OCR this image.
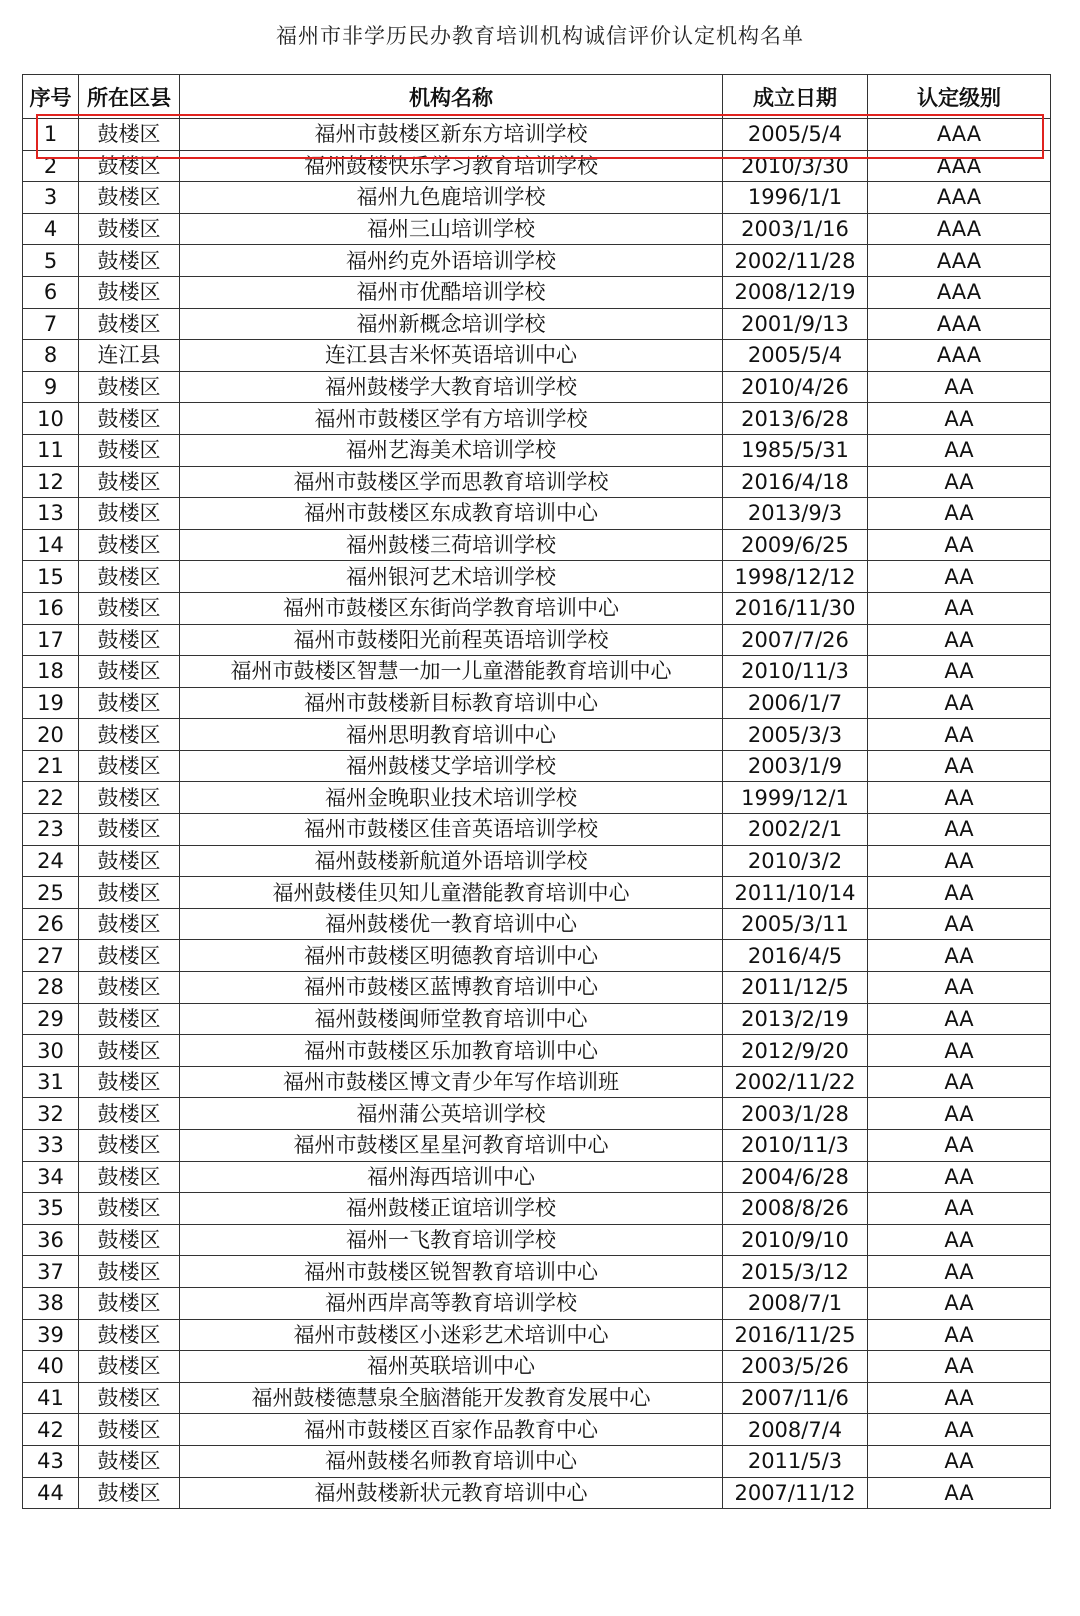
福州市非学历民办教育培训机构诚信评价认定机构名单
序号	所在区县	机构名称	成立日期	认定级别
1	鼓楼区	福州市鼓楼区新东方培训学校	2005/5/4	AAA
2	鼓楼区	福州鼓楼快乐学习教育培训学校	2010/3/30	AAA
3	鼓楼区	福州九色鹿培训学校	1996/1/1	AAA
4	鼓楼区	福州三山培训学校	2003/1/16	AAA
5	鼓楼区	福州约克外语培训学校	2002/11/28	AAA
6	鼓楼区	福州市优酷培训学校	2008/12/19	AAA
7	鼓楼区	福州新概念培训学校	2001/9/13	AAA
8	连江县	连江县吉米怀英语培训中心	2005/5/4	AAA
9	鼓楼区	福州鼓楼学大教育培训学校	2010/4/26	AA
10	鼓楼区	福州市鼓楼区学有方培训学校	2013/6/28	AA
11	鼓楼区	福州艺海美术培训学校	1985/5/31	AA
12	鼓楼区	福州市鼓楼区学而思教育培训学校	2016/4/18	AA
13	鼓楼区	福州市鼓楼区东成教育培训中心	2013/9/3	AA
14	鼓楼区	福州鼓楼三荷培训学校	2009/6/25	AA
15	鼓楼区	福州银河艺术培训学校	1998/12/12	AA
16	鼓楼区	福州市鼓楼区东街尚学教育培训中心	2016/11/30	AA
17	鼓楼区	福州市鼓楼阳光前程英语培训学校	2007/7/26	AA
18	鼓楼区	福州市鼓楼区智慧一加一儿童潜能教育培训中心	2010/11/3	AA
19	鼓楼区	福州市鼓楼新目标教育培训中心	2006/1/7	AA
20	鼓楼区	福州思明教育培训中心	2005/3/3	AA
21	鼓楼区	福州鼓楼艾学培训学校	2003/1/9	AA
22	鼓楼区	福州金晚职业技术培训学校	1999/12/1	AA
23	鼓楼区	福州市鼓楼区佳音英语培训学校	2002/2/1	AA
24	鼓楼区	福州鼓楼新航道外语培训学校	2010/3/2	AA
25	鼓楼区	福州鼓楼佳贝知儿童潜能教育培训中心	2011/10/14	AA
26	鼓楼区	福州鼓楼优一教育培训中心	2005/3/11	AA
27	鼓楼区	福州市鼓楼区明德教育培训中心	2016/4/5	AA
28	鼓楼区	福州市鼓楼区蓝博教育培训中心	2011/12/5	AA
29	鼓楼区	福州鼓楼闽师堂教育培训中心	2013/2/19	AA
30	鼓楼区	福州市鼓楼区乐加教育培训中心	2012/9/20	AA
31	鼓楼区	福州市鼓楼区博文青少年写作培训班	2002/11/22	AA
32	鼓楼区	福州蒲公英培训学校	2003/1/28	AA
33	鼓楼区	福州市鼓楼区星星河教育培训中心	2010/11/3	AA
34	鼓楼区	福州海西培训中心	2004/6/28	AA
35	鼓楼区	福州鼓楼正谊培训学校	2008/8/26	AA
36	鼓楼区	福州一飞教育培训学校	2010/9/10	AA
37	鼓楼区	福州市鼓楼区锐智教育培训中心	2015/3/12	AA
38	鼓楼区	福州西岸高等教育培训学校	2008/7/1	AA
39	鼓楼区	福州市鼓楼区小迷彩艺术培训中心	2016/11/25	AA
40	鼓楼区	福州英联培训中心	2003/5/26	AA
41	鼓楼区	福州鼓楼德慧泉全脑潜能开发教育发展中心	2007/11/6	AA
42	鼓楼区	福州市鼓楼区百家作品教育中心	2008/7/4	AA
43	鼓楼区	福州鼓楼名师教育培训中心	2011/5/3	AA
44	鼓楼区	福州鼓楼新状元教育培训中心	2007/11/12	AA
